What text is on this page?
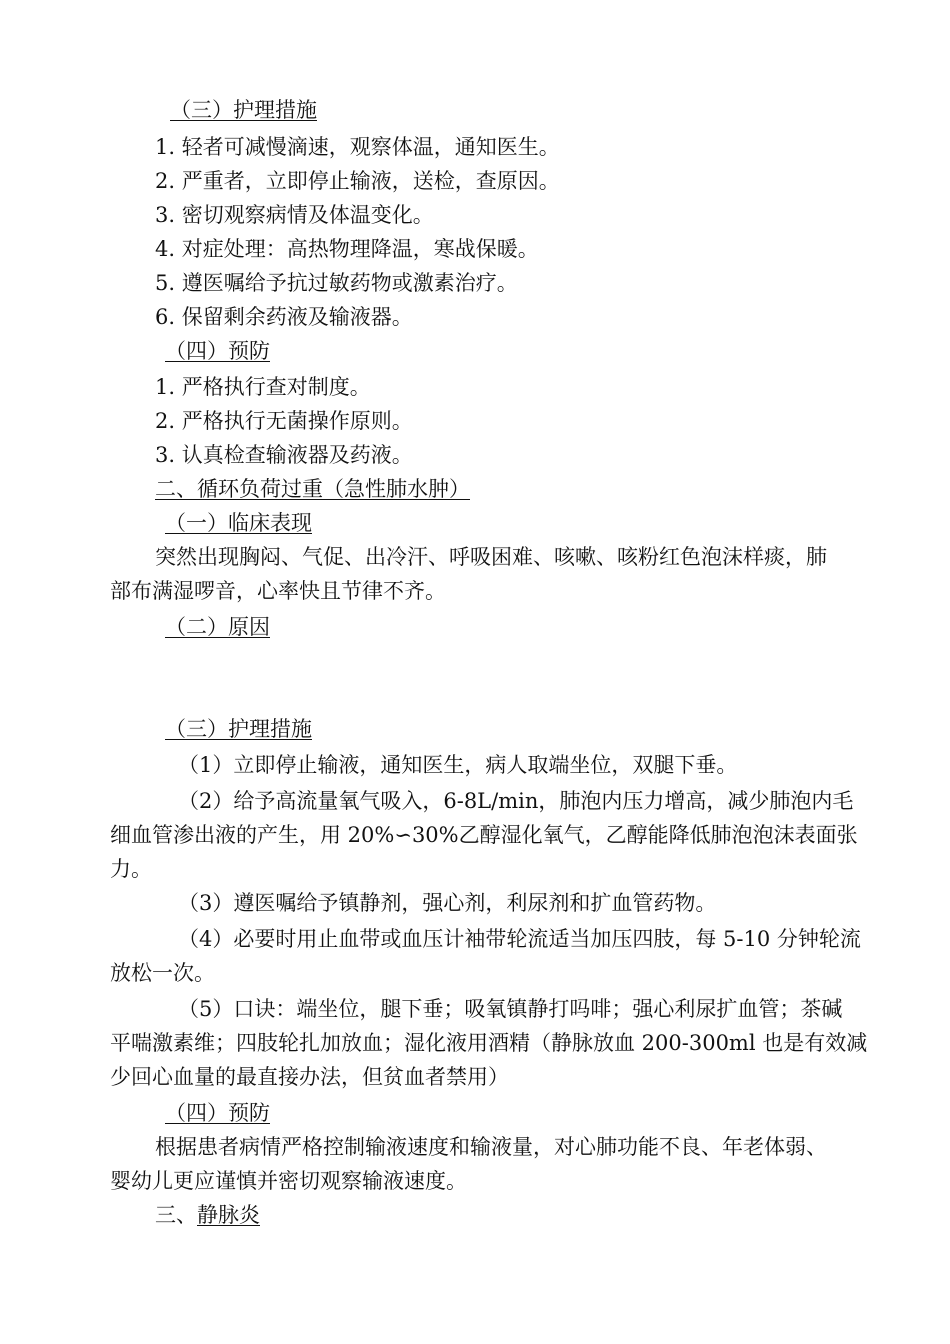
（三）护理措施
1. 轻者可减慢滴速，观察体温，通知医生。
2. 严重者，立即停止输液，送检，查原因。
3. 密切观察病情及体温变化。
4. 对症处理：高热物理降温，寒战保暖。
5. 遵医嘱给予抗过敏药物或激素治疗。
6. 保留剩余药液及输液器。
（四）预防
1. 严格执行查对制度。
2. 严格执行无菌操作原则。
3. 认真检查输液器及药液。
二、循环负荷过重（急性肺水肿）
（一）临床表现
突然出现胸闷、气促、出冷汗、呼吸困难、咳嗽、咳粉红色泡沫样痰，肺
部布满湿啰音，心率快且节律不齐。
（二）原因
（三）护理措施
（1）立即停止输液，通知医生，病人取端坐位，双腿下垂。
（2）给予高流量氧气吸入，6-8L/min，肺泡内压力增高，减少肺泡内毛
细血管渗出液的产生，用 20%∽30%乙醇湿化氧气，乙醇能降低肺泡泡沫表面张
力。
（3）遵医嘱给予镇静剂，强心剂，利尿剂和扩血管药物。
（4）必要时用止血带或血压计袖带轮流适当加压四肢，每 5-10 分钟轮流
放松一次。
（5）口诀：端坐位，腿下垂；吸氧镇静打吗啡；强心利尿扩血管；茶碱
平喘激素维；四肢轮扎加放血；湿化液用酒精（静脉放血 200-300ml 也是有效减
少回心血量的最直接办法，但贫血者禁用）
（四）预防
根据患者病情严格控制输液速度和输液量，对心肺功能不良、年老体弱、
婴幼儿更应谨慎并密切观察输液速度。
三、静脉炎
